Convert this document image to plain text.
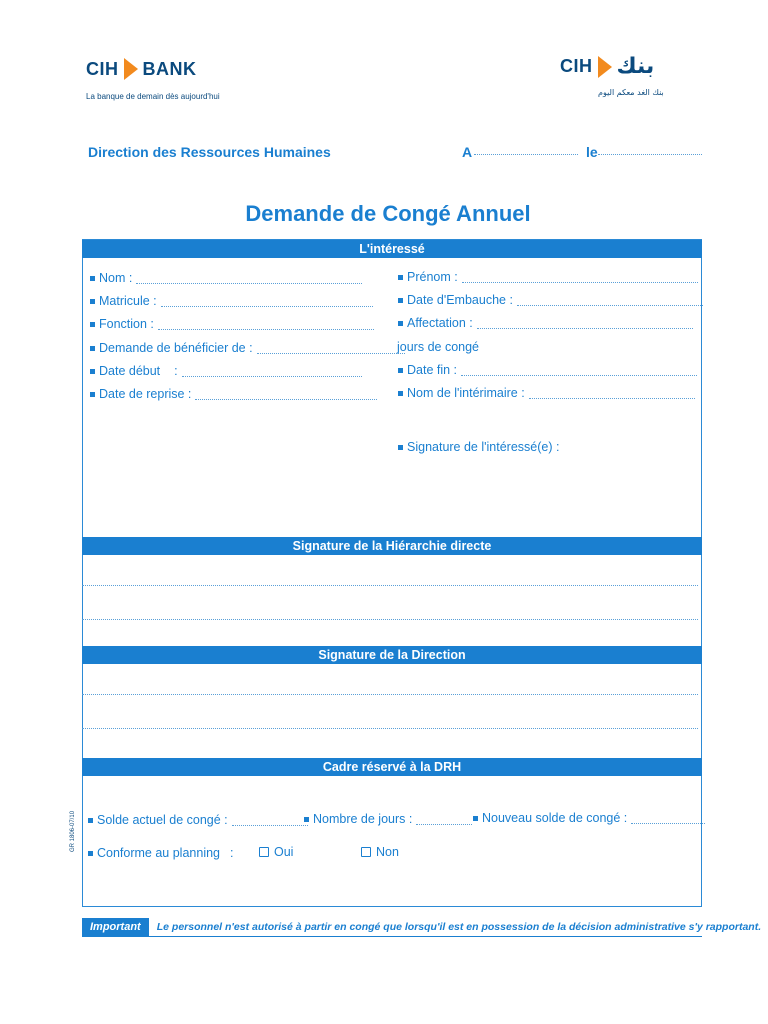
CIH BANK
La banque de demain dès aujourd'hui
CIH بنك
بنك الغد معكم اليوم
Direction des Ressources Humaines	A	le
Demande de Congé Annuel
L'intéressé
Nom :	Prénom :
Matricule :	Date d'Embauche :
Fonction :	Affectation :
Demande de bénéficier de :	jours de congé
Date début :	Date fin :
Date de reprise :	Nom de l'intérimaire :
Signature de l'intéressé(e) :
Signature de la Hiérarchie directe
Signature de la Direction
Cadre réservé à la DRH
Solde actuel de congé :	Nombre de jours :	Nouveau solde de congé :
Conforme au planning :	Oui	Non
GR 1806-07/10
Important :
Le personnel n'est autorisé à partir en congé que lorsqu'il est en possession de la décision administrative s'y rapportant.
